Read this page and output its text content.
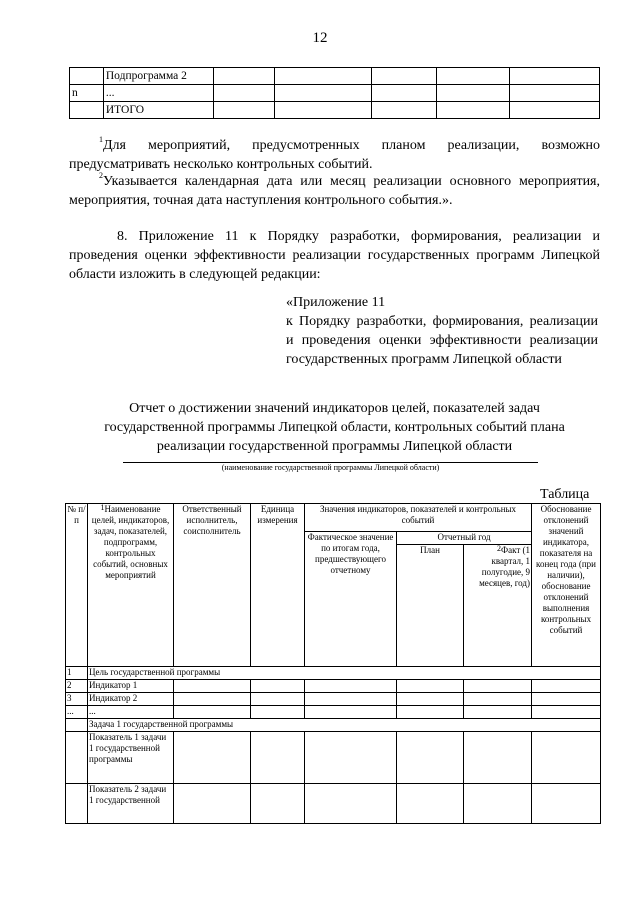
12
	Подпрограмма 2					
n	...					
	ИТОГО					
$^1$Для мероприятий, предусмотренных планом реализации, возможно предусматривать несколько контрольных событий.
$^2$Указывается календарная дата или месяц реализации основного мероприятия, мероприятия, точная дата наступления контрольного события.».
8. Приложение 11 к Порядку разработки, формирования, реализации и проведения оценки эффективности реализации государственных программ Липецкой области изложить в следующей редакции:
«Приложение 11
к Порядку разработки, формирования, реализации и проведения оценки эффективности реализации государственных программ Липецкой области
Отчет о достижении значений индикаторов целей, показателей задач
государственной программы Липецкой области, контрольных событий плана
реализации государственной программы Липецкой области
(наименование государственной программы Липецкой области)
Таблица
№ п/п	$^1$Наименование целей, индикаторов, задач, показателей, подпрограмм, контрольных событий, основных мероприятий	Ответственный исполнитель, соисполнитель	Единица измерения	Значения индикаторов, показателей и контрольных событий			Обоснование отклонений значений индикатора, показателя на конец года (при наличии), обоснование отклонений выполнения контрольных событий
				Фактическое значение по итогам года, предшествующего отчетному	Отчетный год		
					План	$^2$Факт (1 квартал, 1 полугодие, 9 месяцев, год)	
1	Цель государственной программы						
2	Индикатор 1						
3	Индикатор 2						
...	...						
	Задача 1 государственной программы						
	Показатель 1 задачи 1 государственной программы						
	Показатель 2 задачи 1 государственной						
